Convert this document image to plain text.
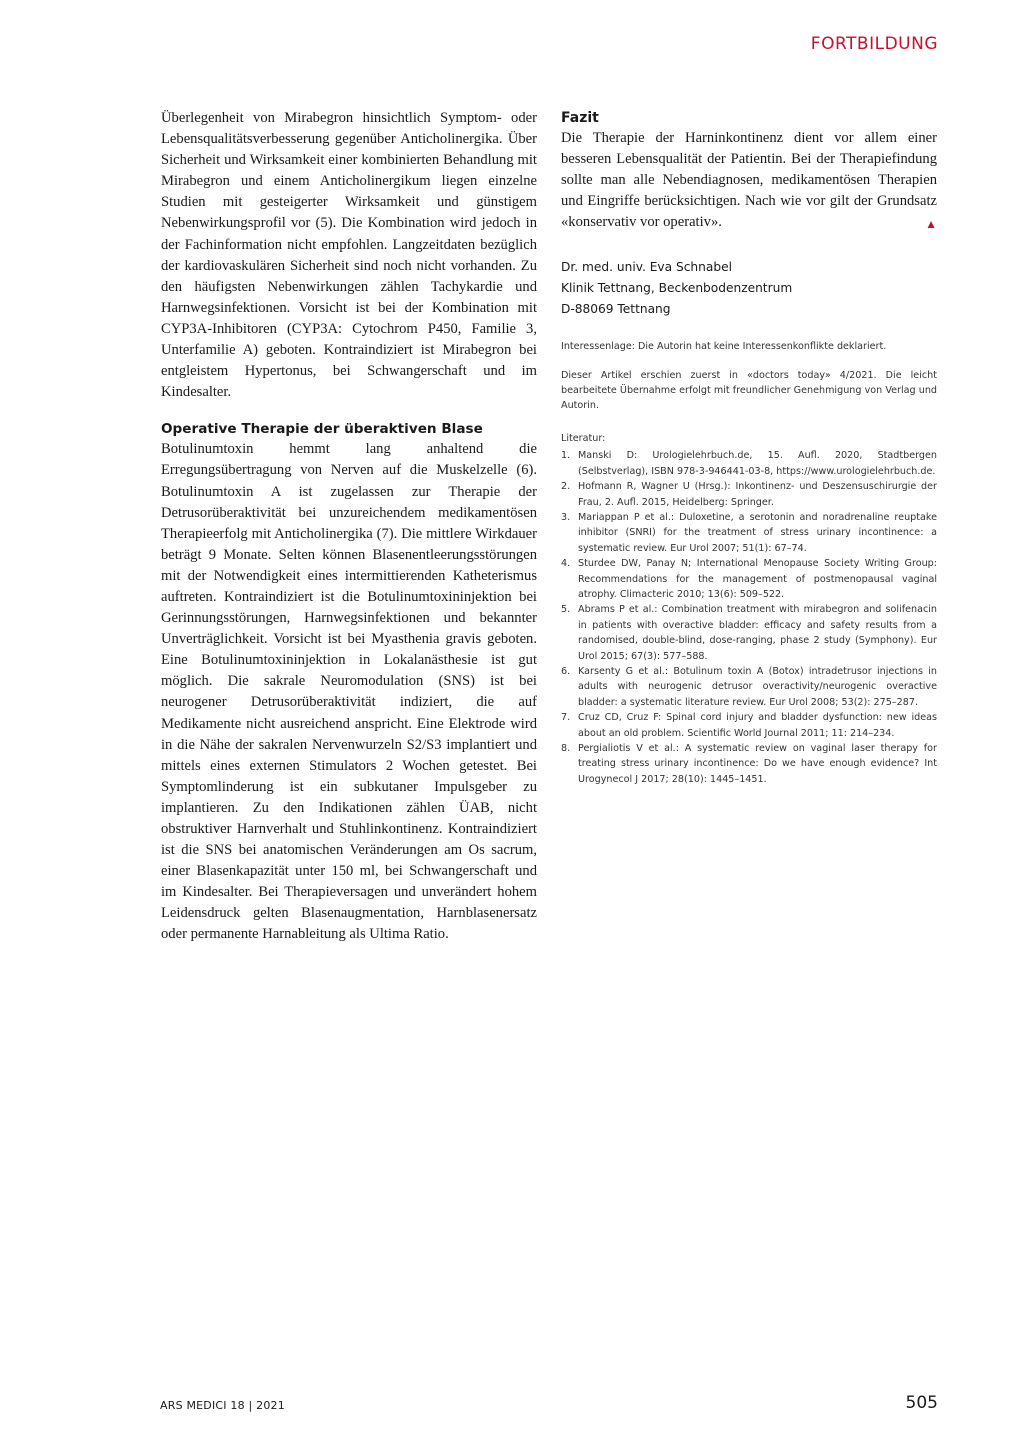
FORTBILDUNG

Überlegenheit von Mirabegron hinsichtlich Symptom- oder Lebensqualitätsverbesserung gegenüber Anticholinergika. Über Sicherheit und Wirksamkeit einer kombinierten Behandlung mit Mirabegron und einem Anticholinergikum liegen einzelne Studien mit gesteigerter Wirksamkeit und günstigem Nebenwirkungsprofil vor (5). Die Kombination wird jedoch in der Fachinformation nicht empfohlen. Langzeitdaten bezüglich der kardiovaskulären Sicherheit sind noch nicht vorhanden. Zu den häufigsten Nebenwirkungen zählen Tachykardie und Harnwegsinfektionen. Vorsicht ist bei der Kombination mit CYP3A-Inhibitoren (CYP3A: Cytochrom P450, Familie 3, Unterfamilie A) geboten. Kontraindiziert ist Mirabegron bei entgleistem Hypertonus, bei Schwangerschaft und im Kindesalter.

Operative Therapie der überaktiven Blase

Botulinumtoxin hemmt lang anhaltend die Erregungsübertragung von Nerven auf die Muskelzelle (6). Botulinumtoxin A ist zugelassen zur Therapie der Detrusorüberaktivität bei unzureichendem medikamentösen Therapieerfolg mit Anticholinergika (7). Die mittlere Wirkdauer beträgt 9 Monate. Selten können Blasenentleerungsstörungen mit der Notwendigkeit eines intermittierenden Katheterismus auftreten. Kontraindiziert ist die Botulinumtoxininjektion bei Gerinnungsstörungen, Harnwegsinfektionen und bekannter Unverträglichkeit. Vorsicht ist bei Myasthenia gravis geboten. Eine Botulinumtoxininjektion in Lokalanästhesie ist gut möglich. Die sakrale Neuromodulation (SNS) ist bei neurogener Detrusorüberaktivität indiziert, die auf Medikamente nicht ausreichend anspricht. Eine Elektrode wird in die Nähe der sakralen Nervenwurzeln S2/S3 implantiert und mittels eines externen Stimulators 2 Wochen getestet. Bei Symptomlinderung ist ein subkutaner Impulsgeber zu implantieren. Zu den Indikationen zählen ÜAB, nicht obstruktiver Harnverhalt und Stuhlinkontinenz. Kontraindiziert ist die SNS bei anatomischen Veränderungen am Os sacrum, einer Blasenkapazität unter 150 ml, bei Schwangerschaft und im Kindesalter. Bei Therapieversagen und unverändert hohem Leidensdruck gelten Blasenaugmentation, Harnblasenersatz oder permanente Harnableitung als Ultima Ratio.

Fazit

Die Therapie der Harninkontinenz dient vor allem einer besseren Lebensqualität der Patientin. Bei der Therapiefindung sollte man alle Nebendiagnosen, medikamentösen Therapien und Eingriffe berücksichtigen. Nach wie vor gilt der Grundsatz «konservativ vor operativ».	▲

Dr. med. univ. Eva Schnabel
Klinik Tettnang, Beckenbodenzentrum
D-88069 Tettnang

Interessenlage: Die Autorin hat keine Interessenkonflikte deklariert.

Dieser Artikel erschien zuerst in «doctors today» 4/2021. Die leicht bearbeitete Übernahme erfolgt mit freundlicher Genehmigung von Verlag und Autorin.

Literatur:

1. Manski D: Urologielehrbuch.de, 15. Aufl. 2020, Stadtbergen (Selbstverlag), ISBN 978-3-946441-03-8, https://www.urologielehrbuch.de.
2. Hofmann R, Wagner U (Hrsg.): Inkontinenz- und Deszensuschirurgie der Frau, 2. Aufl. 2015, Heidelberg: Springer.
3. Mariappan P et al.: Duloxetine, a serotonin and noradrenaline reuptake inhibitor (SNRI) for the treatment of stress urinary incontinence: a systematic review. Eur Urol 2007; 51(1): 67–74.
4. Sturdee DW, Panay N; International Menopause Society Writing Group: Recommendations for the management of postmenopausal vaginal atrophy. Climacteric 2010; 13(6): 509–522.
5. Abrams P et al.: Combination treatment with mirabegron and solifenacin in patients with overactive bladder: efficacy and safety results from a randomised, double-blind, dose-ranging, phase 2 study (Symphony). Eur Urol 2015; 67(3): 577–588.
6. Karsenty G et al.: Botulinum toxin A (Botox) intradetrusor injections in adults with neurogenic detrusor overactivity/neurogenic overactive bladder: a systematic literature review. Eur Urol 2008; 53(2): 275–287.
7. Cruz CD, Cruz F: Spinal cord injury and bladder dysfunction: new ideas about an old problem. Scientific World Journal 2011; 11: 214–234.
8. Pergialiotis V et al.: A systematic review on vaginal laser therapy for treating stress urinary incontinence: Do we have enough evidence? Int Urogynecol J 2017; 28(10): 1445–1451.
ARS MEDICI 18 | 2021	505
